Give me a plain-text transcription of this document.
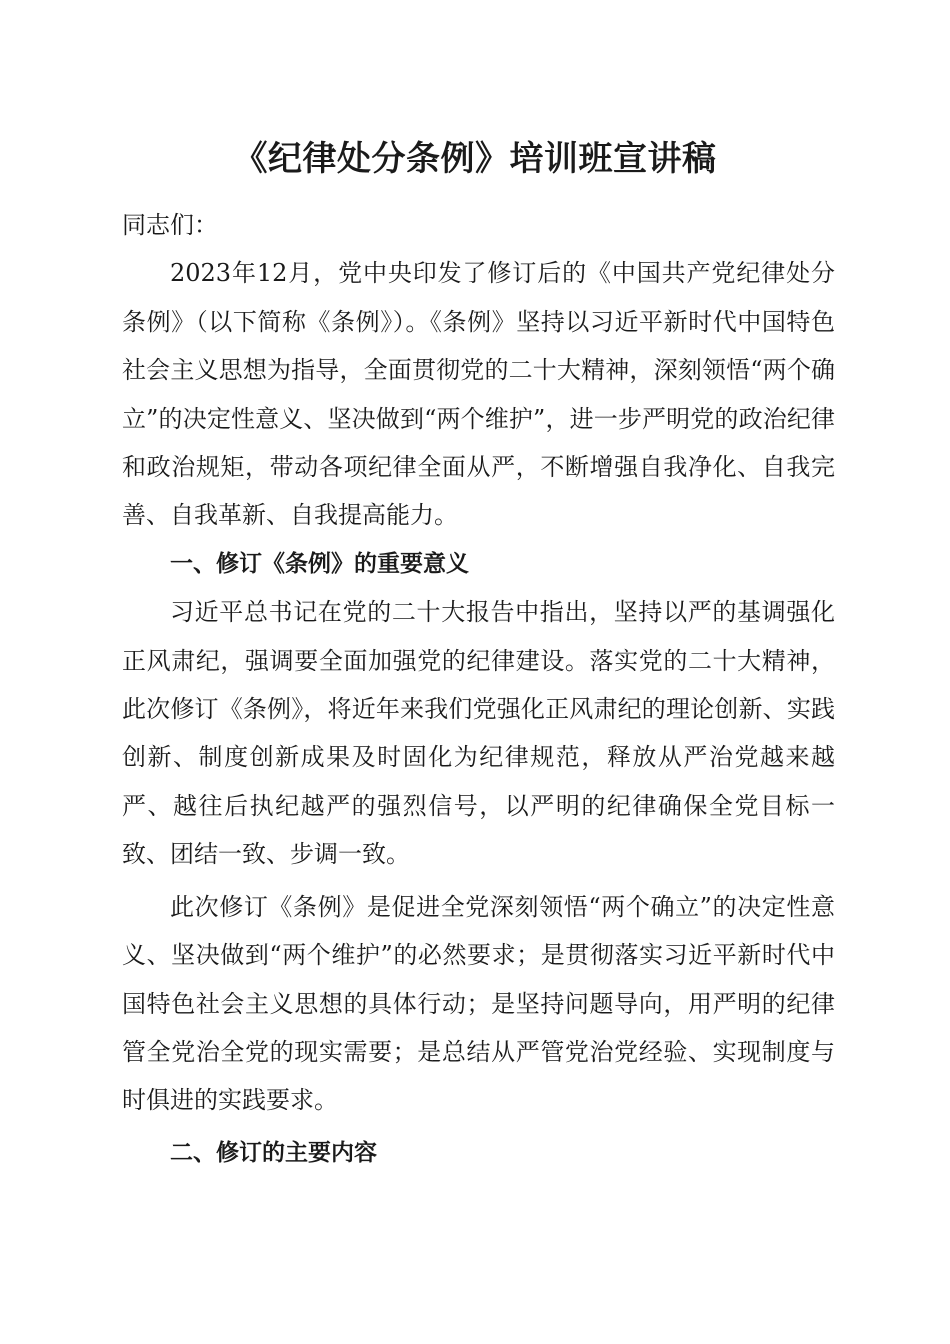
《纪律处分条例》培训班宣讲稿

同志们：

2023年12月，党中央印发了修订后的《中国共产党纪律处分条例》（以下简称《条例》）。《条例》坚持以习近平新时代中国特色社会主义思想为指导，全面贯彻党的二十大精神，深刻领悟“两个确立”的决定性意义、坚决做到“两个维护”，进一步严明党的政治纪律和政治规矩，带动各项纪律全面从严，不断增强自我净化、自我完善、自我革新、自我提高能力。

一、修订《条例》的重要意义

习近平总书记在党的二十大报告中指出，坚持以严的基调强化正风肃纪，强调要全面加强党的纪律建设。落实党的二十大精神，此次修订《条例》，将近年来我们党强化正风肃纪的理论创新、实践创新、制度创新成果及时固化为纪律规范，释放从严治党越来越严、越往后执纪越严的强烈信号，以严明的纪律确保全党目标一致、团结一致、步调一致。

此次修订《条例》是促进全党深刻领悟“两个确立”的决定性意义、坚决做到“两个维护”的必然要求；是贯彻落实习近平新时代中国特色社会主义思想的具体行动；是坚持问题导向，用严明的纪律管全党治全党的现实需要；是总结从严管党治党经验、实现制度与时俱进的实践要求。

二、修订的主要内容
